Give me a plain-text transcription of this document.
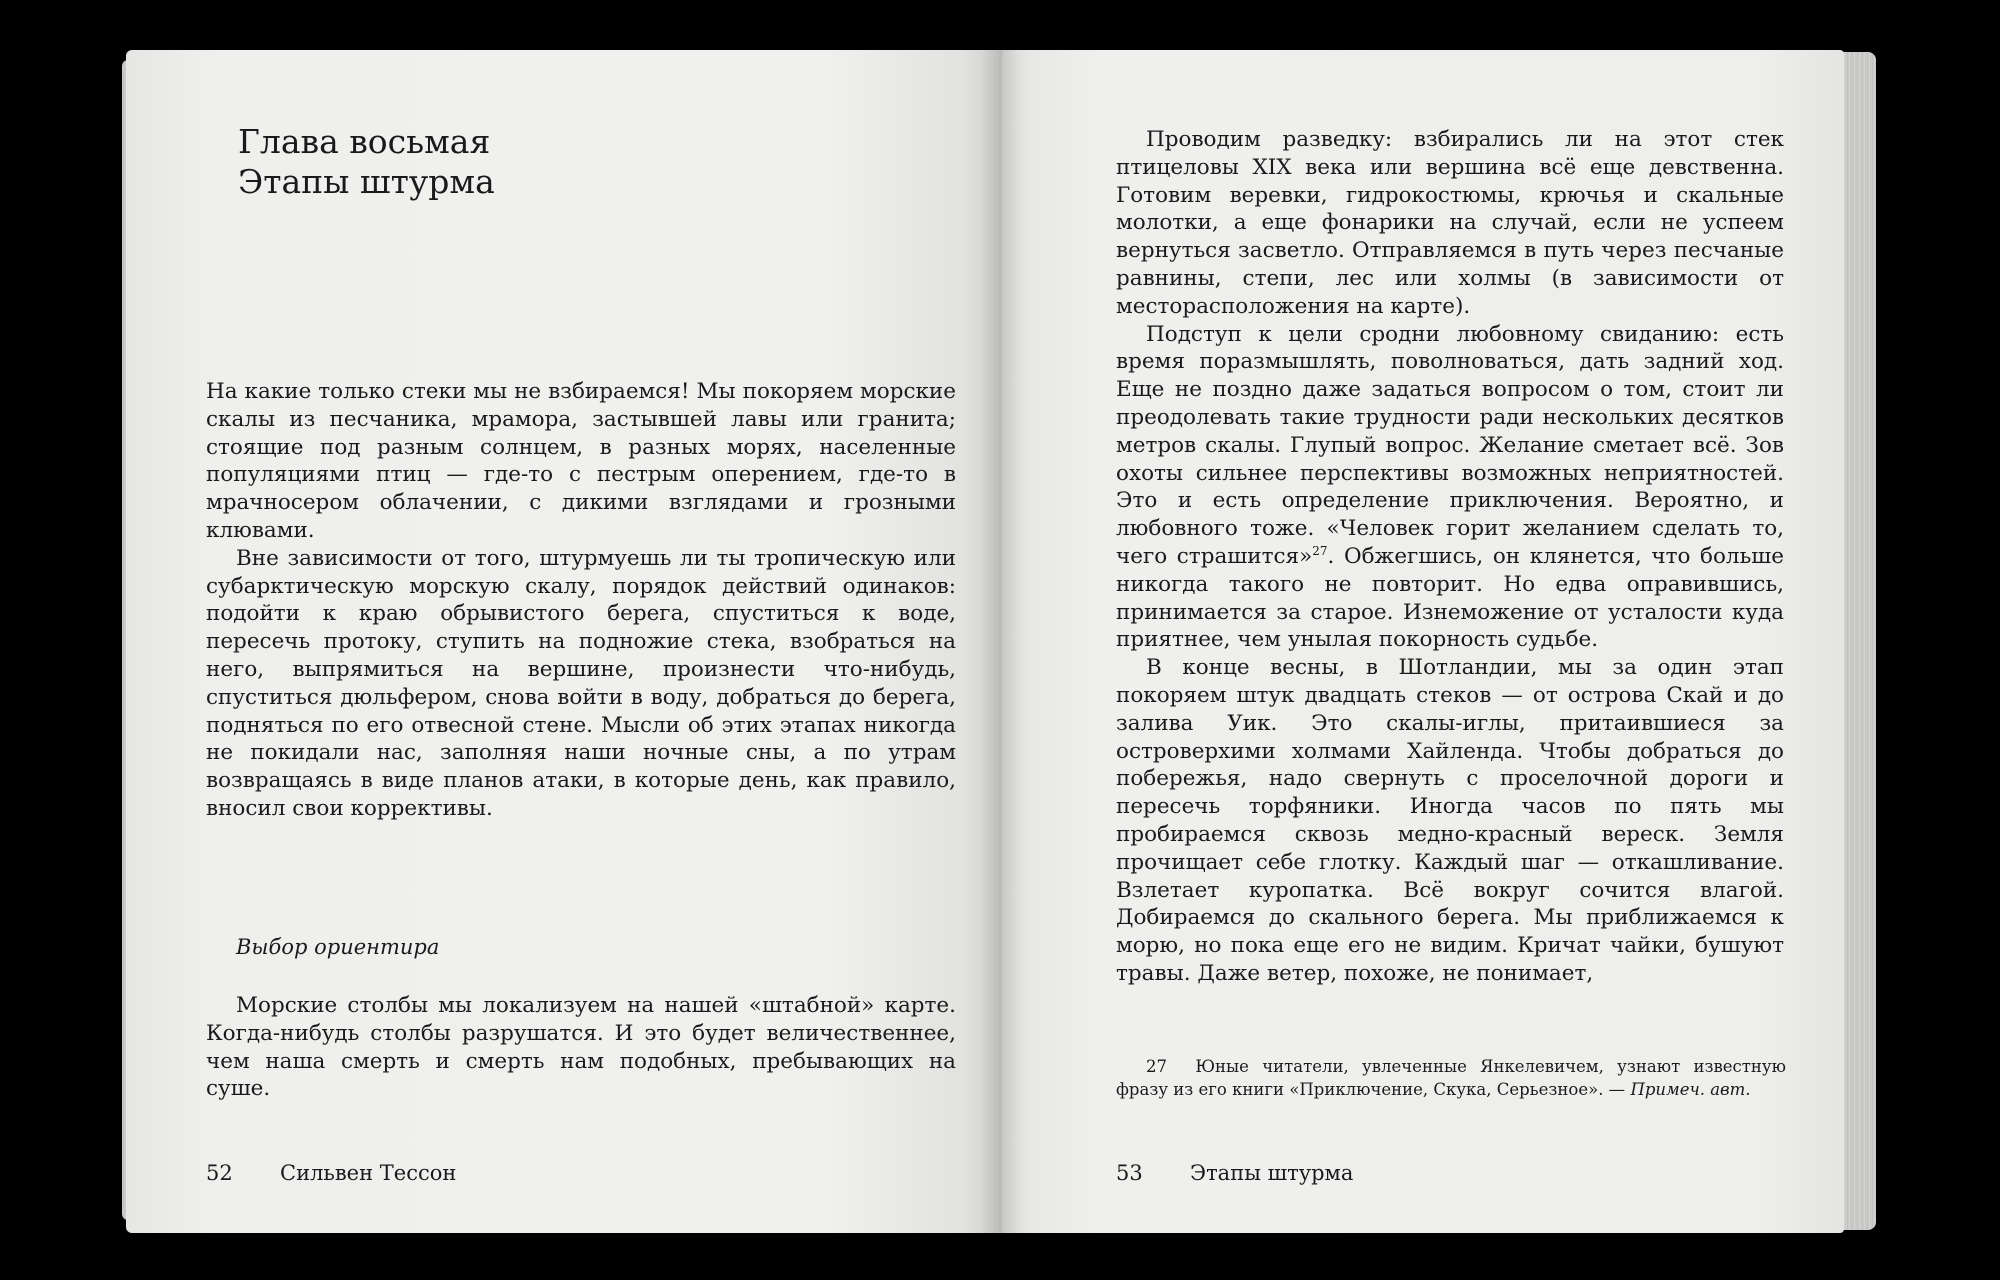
Глава восьмая
Этапы штурма

На какие только стеки мы не взбираемся! Мы покоряем морские скалы из песчаника, мрамора, застывшей лавы или гранита; стоящие под разным солнцем, в разных морях, населенные популяциями птиц — где-то с пестрым оперением, где-то в мрачносером облачении, с дикими взглядами и грозными клювами.

Вне зависимости от того, штурмуешь ли ты тропическую или субарктическую морскую скалу, порядок действий одинаков: подойти к краю обрывистого берега, спуститься к воде, пересечь протоку, ступить на подножие стека, взобраться на него, выпрямиться на вершине, произнести что-нибудь, спуститься дюльфером, снова войти в воду, добраться до берега, подняться по его отвесной стене. Мысли об этих этапах никогда не покидали нас, заполняя наши ночные сны, а по утрам возвращаясь в виде планов атаки, в которые день, как правило, вносил свои коррективы.

Выбор ориентира

Морские столбы мы локализуем на нашей «штабной» карте. Когда-нибудь столбы разрушатся. И это будет величественнее, чем наша смерть и смерть нам подобных, пребывающих на суше.

52 Сильвен Тессон

Проводим разведку: взбирались ли на этот стек птицеловы XIX века или вершина всё еще девственна. Готовим веревки, гидрокостюмы, крючья и скальные молотки, а еще фонарики на случай, если не успеем вернуться засветло. Отправляемся в путь через песчаные равнины, степи, лес или холмы (в зависимости от месторасположения на карте).

Подступ к цели сродни любовному свиданию: есть время поразмышлять, поволноваться, дать задний ход. Еще не поздно даже задаться вопросом о том, стоит ли преодолевать такие трудности ради нескольких десятков метров скалы. Глупый вопрос. Желание сметает всё. Зов охоты сильнее перспективы возможных неприятностей. Это и есть определение приключения. Вероятно, и любовного тоже. «Человек горит желанием сделать то, чего страшится»$^{27}$. Обжегшись, он клянется, что больше никогда такого не повторит. Но едва оправившись, принимается за старое. Изнеможение от усталости куда приятнее, чем унылая покорность судьбе.

В конце весны, в Шотландии, мы за один этап покоряем штук двадцать стеков — от острова Скай и до залива Уик. Это скалы-иглы, притаившиеся за островерхими холмами Хайленда. Чтобы добраться до побережья, надо свернуть с проселочной дороги и пересечь торфяники. Иногда часов по пять мы пробираемся сквозь медно-красный вереск. Земля прочищает себе глотку. Каждый шаг — откашливание. Взлетает куропатка. Всё вокруг сочится влагой. Добираемся до скального берега. Мы приближаемся к морю, но пока еще его не видим. Кричат чайки, бушуют травы. Даже ветер, похоже, не понимает,

27 Юные читатели, увлеченные Янкелевичем, узнают известную фразу из его книги «Приключение, Скука, Серьезное». — Примеч. авт.

53 Этапы штурма
